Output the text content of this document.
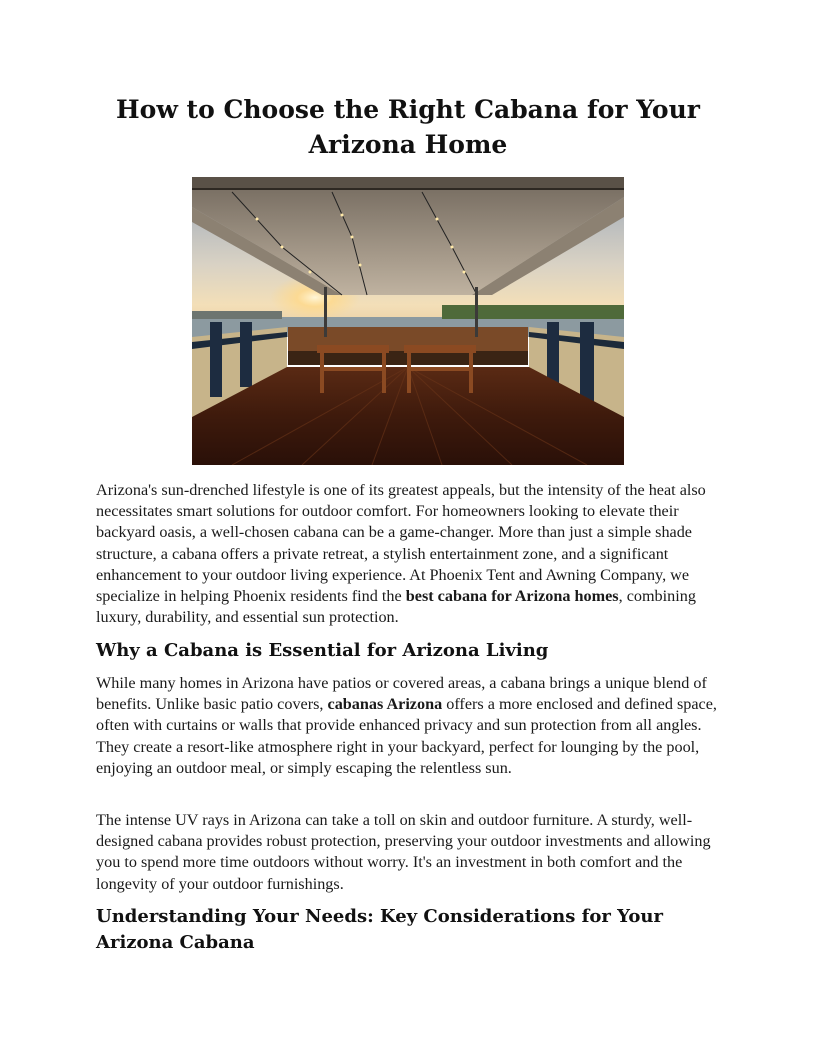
How to Choose the Right Cabana for Your Arizona Home

Arizona's sun-drenched lifestyle is one of its greatest appeals, but the intensity of the heat also necessitates smart solutions for outdoor comfort. For homeowners looking to elevate their backyard oasis, a well-chosen cabana can be a game-changer. More than just a simple shade structure, a cabana offers a private retreat, a stylish entertainment zone, and a significant enhancement to your outdoor living experience. At Phoenix Tent and Awning Company, we specialize in helping Phoenix residents find the best cabana for Arizona homes, combining luxury, durability, and essential sun protection.

Why a Cabana is Essential for Arizona Living

While many homes in Arizona have patios or covered areas, a cabana brings a unique blend of benefits. Unlike basic patio covers, cabanas Arizona offers a more enclosed and defined space, often with curtains or walls that provide enhanced privacy and sun protection from all angles. They create a resort-like atmosphere right in your backyard, perfect for lounging by the pool, enjoying an outdoor meal, or simply escaping the relentless sun.

The intense UV rays in Arizona can take a toll on skin and outdoor furniture. A sturdy, well-designed cabana provides robust protection, preserving your outdoor investments and allowing you to spend more time outdoors without worry. It's an investment in both comfort and the longevity of your outdoor furnishings.

Understanding Your Needs: Key Considerations for Your Arizona Cabana
